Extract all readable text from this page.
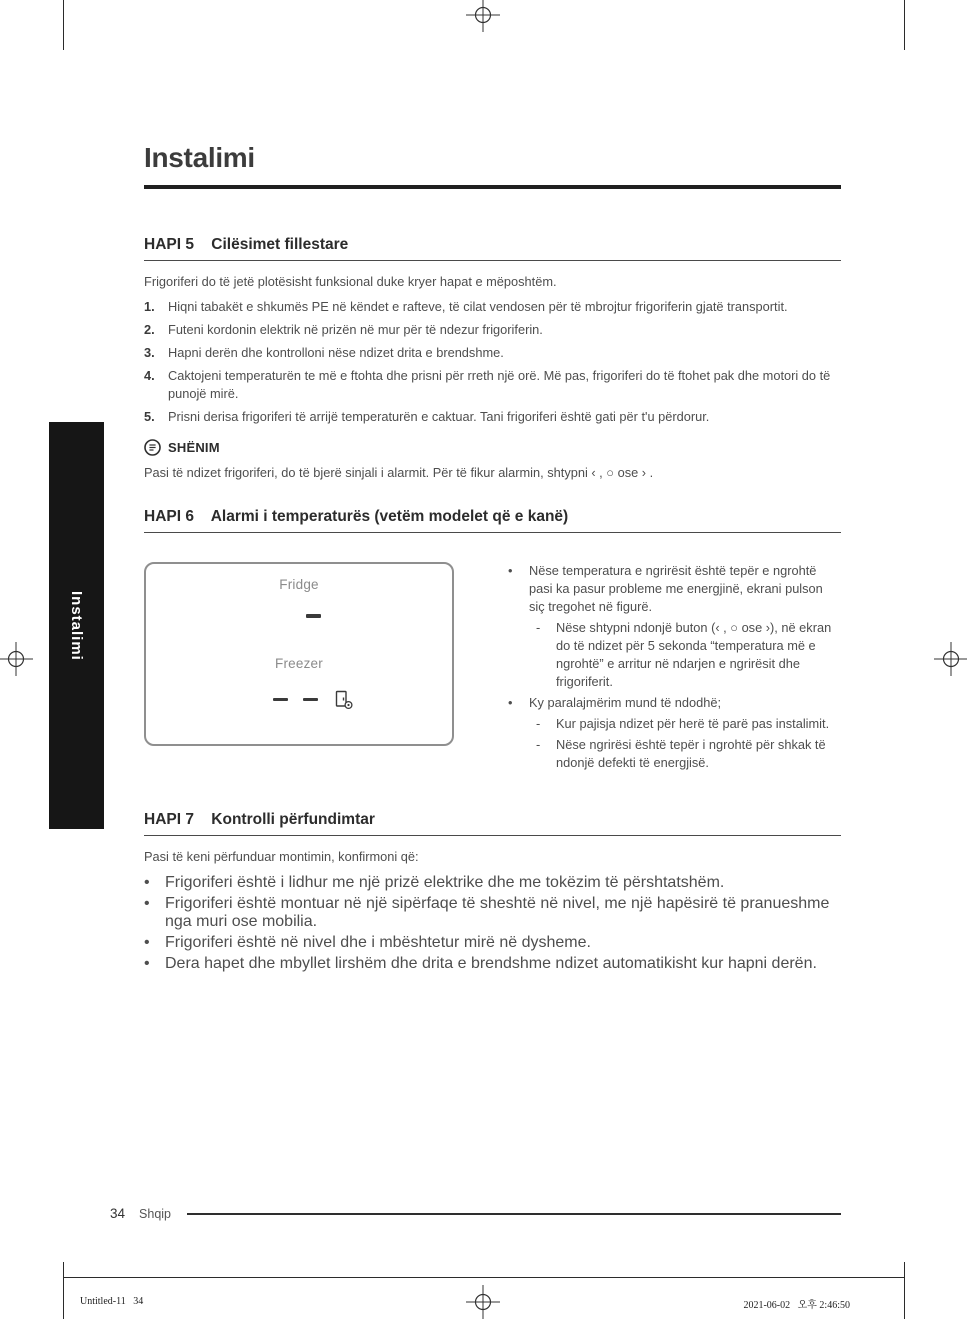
Instalimi
Instalimi
HAPI 5 Cilësimet fillestare

Frigoriferi do të jetë plotësisht funksional duke kryer hapat e mëposhtëm.

1.	Hiqni tabakët e shkumës PE në këndet e rafteve, të cilat vendosen për të mbrojtur frigoriferin gjatë transportit.
2.	Futeni kordonin elektrik në prizën në mur për të ndezur frigoriferin.
3.	Hapni derën dhe kontrolloni nëse ndizet drita e brendshme.
4.	Caktojeni temperaturën te më e ftohta dhe prisni për rreth një orë. Më pas, frigoriferi do të ftohet pak dhe motori do të punojë mirë.
5.	Prisni derisa frigoriferi të arrijë temperaturën e caktuar. Tani frigoriferi është gati për t'u përdorur.
SHËNIM

Pasi të ndizet frigoriferi, do të bjerë sinjali i alarmit. Për të fikur alarmin, shtypni ‹ , ○ ose › .

HAPI 6 Alarmi i temperaturës (vetëm modelet që e kanë)
Fridge
Freezer
• Nëse temperatura e ngrirësit është tepër e ngrohtë pasi ka pasur probleme me energjinë, ekrani pulson siç tregohet në figurë.
- Nëse shtypni ndonjë buton (‹ , ○ ose ›), në ekran do të ndizet për 5 sekonda “temperatura më e ngrohtë” e arritur në ndarjen e ngrirësit dhe frigoriferit.
• Ky paralajmërim mund të ndodhë;
- Kur pajisja ndizet për herë të parë pas instalimit.
- Nëse ngrirësi është tepër i ngrohtë për shkak të ndonjë defekti të energjisë.
HAPI 7 Kontrolli përfundimtar

Pasi të keni përfunduar montimin, konfirmoni që:

• Frigoriferi është i lidhur me një prizë elektrike dhe me tokëzim të përshtatshëm.
• Frigoriferi është montuar në një sipërfaqe të sheshtë në nivel, me një hapësirë të pranueshme nga muri ose mobilia.
• Frigoriferi është në nivel dhe i mbështetur mirë në dysheme.
• Dera hapet dhe mbyllet lirshëm dhe drita e brendshme ndizet automatikisht kur hapni derën.
34 Shqip
Untitled-11   34	2021-06-02   오후 2:46:50
